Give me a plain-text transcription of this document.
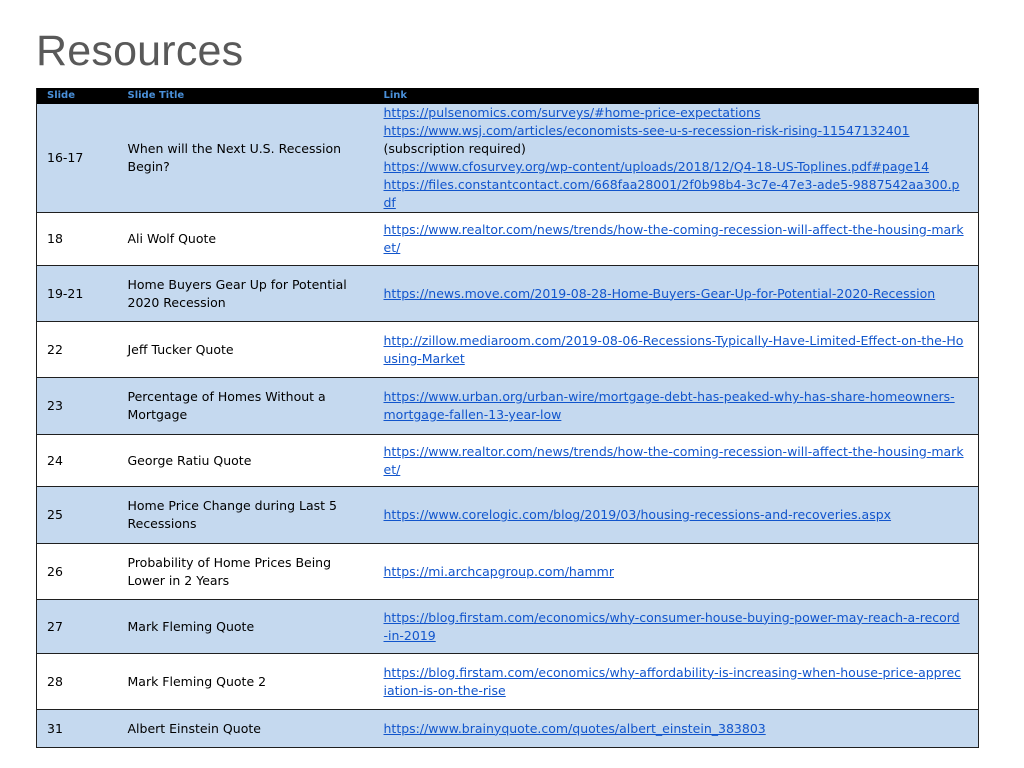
Resources
Slide	Slide Title	Link
16-17	When will the Next U.S. Recession Begin?	https://pulsenomics.com/surveys/#home-price-expectations
https://www.wsj.com/articles/economists-see-u-s-recession-risk-rising-11547132401
(subscription required)
https://www.cfosurvey.org/wp-content/uploads/2018/12/Q4-18-US-Toplines.pdf#page14
https://files.constantcontact.com/668faa28001/2f0b98b4-3c7e-47e3-ade5-9887542aa300.pdf

18	Ali Wolf Quote	https://www.realtor.com/news/trends/how-the-coming-recession-will-affect-the-housing-market/

19-21	Home Buyers Gear Up for Potential 2020 Recession	https://news.move.com/2019-08-28-Home-Buyers-Gear-Up-for-Potential-2020-Recession

22	Jeff Tucker Quote	http://zillow.mediaroom.com/2019-08-06-Recessions-Typically-Have-Limited-Effect-on-the-Housing-Market

23	Percentage of Homes Without a Mortgage	https://www.urban.org/urban-wire/mortgage-debt-has-peaked-why-has-share-homeowners-mortgage-fallen-13-year-low

24	George Ratiu Quote	https://www.realtor.com/news/trends/how-the-coming-recession-will-affect-the-housing-market/

25	Home Price Change during Last 5 Recessions	https://www.corelogic.com/blog/2019/03/housing-recessions-and-recoveries.aspx

26	Probability of Home Prices Being Lower in 2 Years	https://mi.archcapgroup.com/hammr

27	Mark Fleming Quote	https://blog.firstam.com/economics/why-consumer-house-buying-power-may-reach-a-record-in-2019

28	Mark Fleming Quote 2	https://blog.firstam.com/economics/why-affordability-is-increasing-when-house-price-appreciation-is-on-the-rise

31	Albert Einstein Quote	https://www.brainyquote.com/quotes/albert_einstein_383803
